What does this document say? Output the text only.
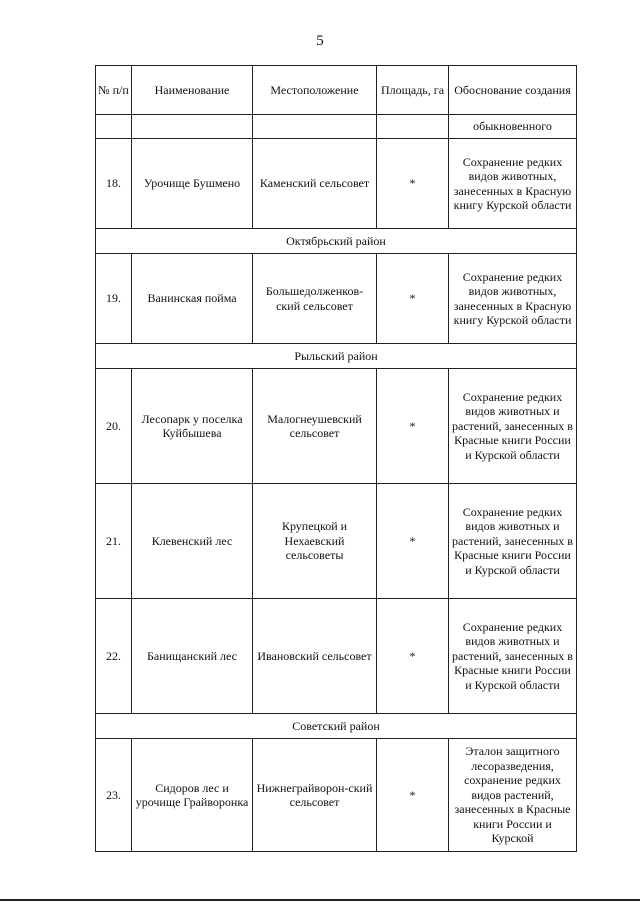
5
№ п/п	Наименование	Местоположение	Площадь, га	Обоснование создания
				обыкновенного
18.	Урочище Бушмено	Каменский сельсовет	*	Сохранение редких видов животных, занесенных в Красную книгу Курской области
Октябрьский район				
19.	Ванинская пойма	Большедолженков-ский сельсовет	*	Сохранение редких видов животных, занесенных в Красную книгу Курской области
Рыльский район				
20.	Лесопарк у поселка Куйбышева	Малогнеушевский сельсовет	*	Сохранение редких видов животных и растений, занесенных в Красные книги России и Курской области
21.	Клевенский лес	Крупецкой и Нехаевский сельсоветы	*	Сохранение редких видов животных и растений, занесенных в Красные книги России и Курской области
22.	Банищанский лес	Ивановский сельсовет	*	Сохранение редких видов животных и растений, занесенных в Красные книги России и Курской области
Советский район				
23.	Сидоров лес и урочище Грайворонка	Нижнеграйворон-ский сельсовет	*	Эталон защитного лесоразведения, сохранение редких видов растений, занесенных в Красные книги России и Курской
